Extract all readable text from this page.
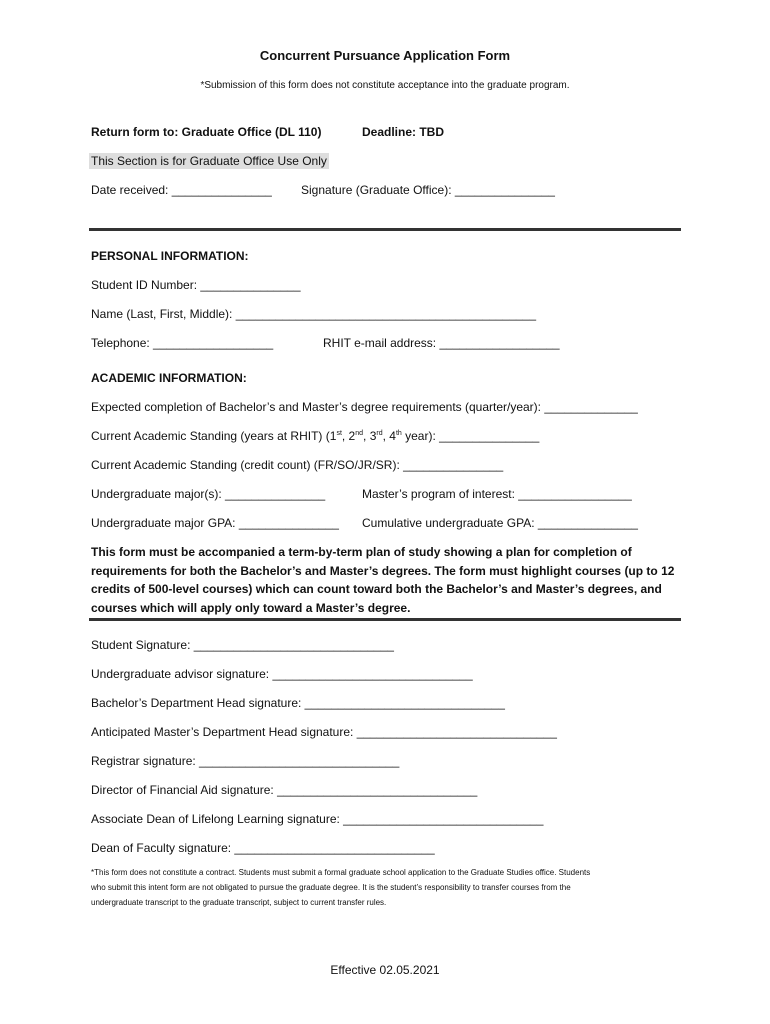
Concurrent Pursuance Application Form
*Submission of this form does not constitute acceptance into the graduate program.
Return form to: Graduate Office (DL 110)	Deadline: TBD
This Section is for Graduate Office Use Only
Date received: _______________ Signature (Graduate Office): _______________
PERSONAL INFORMATION:
Student ID Number: _______________
Name (Last, First, Middle): _____________________________________________
Telephone: __________________	RHIT e-mail address: __________________
ACADEMIC INFORMATION:
Expected completion of Bachelor’s and Master’s degree requirements (quarter/year): ______________
Current Academic Standing (years at RHIT) (1st, 2nd, 3rd, 4th year): _______________
Current Academic Standing (credit count) (FR/SO/JR/SR): _______________
Undergraduate major(s): _______________	Master’s program of interest: _________________
Undergraduate major GPA: _______________ Cumulative undergraduate GPA: _______________
This form must be accompanied a term-by-term plan of study showing a plan for completion of
requirements for both the Bachelor’s and Master’s degrees. The form must highlight courses (up to 12
credits of 500-level courses) which can count toward both the Bachelor’s and Master’s degrees, and
courses which will apply only toward a Master’s degree.
Student Signature: ______________________________
Undergraduate advisor signature: ______________________________
Bachelor’s Department Head signature: ______________________________
Anticipated Master’s Department Head signature: ______________________________
Registrar signature: ______________________________
Director of Financial Aid signature: ______________________________
Associate Dean of Lifelong Learning signature: ______________________________
Dean of Faculty signature: ______________________________
*This form does not constitute a contract. Students must submit a formal graduate school application to the Graduate Studies office. Students
who submit this intent form are not obligated to pursue the graduate degree. It is the student’s responsibility to transfer courses from the
undergraduate transcript to the graduate transcript, subject to current transfer rules.
Effective 02.05.2021
